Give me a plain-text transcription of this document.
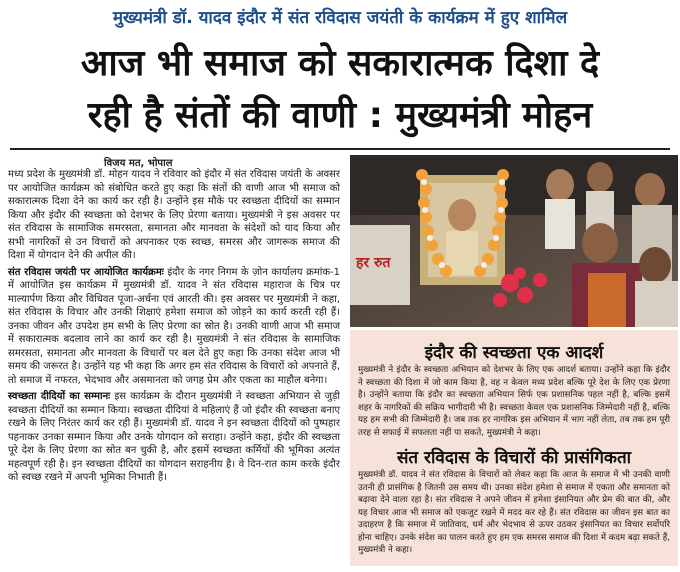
मुख्यमंत्री डॉ. यादव इंदौर में संत रविदास जयंती के कार्यक्रम में हुए शामिल
आज भी समाज को सकारात्मक दिशा दे
रही है संतों की वाणी : मुख्यमंत्री मोहन
विजय मत, भोपाल

मध्य प्रदेश के मुख्यमंत्री डॉ. मोहन यादव ने रविवार को इंदौर में संत रविदास जयंती के अवसर पर आयोजित कार्यक्रम को संबोधित करते हुए कहा कि संतों की वाणी आज भी समाज को सकारात्मक दिशा देने का कार्य कर रही है। उन्होंने इस मौके पर स्वच्छता दीदियों का सम्मान किया और इंदौर की स्वच्छता को देशभर के लिए प्रेरणा बताया। मुख्यमंत्री ने इस अवसर पर संत रविदास के सामाजिक समरसता, समानता और मानवता के संदेशों को याद किया और सभी नागरिकों से उन विचारों को अपनाकर एक स्वच्छ, समरस और जागरूक समाज की दिशा में योगदान देने की अपील की।

संत रविदास जयंती पर आयोजित कार्यक्रमः इंदौर के नगर निगम के ज़ोन कार्यालय क्रमांक-1 में आयोजित इस कार्यक्रम में मुख्यमंत्री डॉ. यादव ने संत रविदास महाराज के चित्र पर माल्यार्पण किया और विधिवत पूजा-अर्चना एवं आरती की। इस अवसर पर मुख्यमंत्री ने कहा, संत रविदास के विचार और उनकी शिक्षाएं हमेशा समाज को जोड़ने का कार्य करती रही हैं। उनका जीवन और उपदेश हम सभी के लिए प्रेरणा का स्रोत है। उनकी वाणी आज भी समाज में सकारात्मक बदलाव लाने का कार्य कर रही है। मुख्यमंत्री ने संत रविदास के सामाजिक समरसता, समानता और मानवता के विचारों पर बल देते हुए कहा कि उनका संदेश आज भी समय की जरूरत है। उन्होंने यह भी कहा कि अगर हम संत रविदास के विचारों को अपनाते हैं, तो समाज में नफरत, भेदभाव और असमानता को जगह प्रेम और एकता का माहौल बनेगा।

स्वच्छता दीदियों का सम्मानः इस कार्यक्रम के दौरान मुख्यमंत्री ने स्वच्छता अभियान से जुड़ी स्वच्छता दीदियों का सम्मान किया। स्वच्छता दीदियां वे महिलाएं हैं जो इंदौर की स्वच्छता बनाए रखने के लिए निरंतर कार्य कर रही हैं। मुख्यमंत्री डॉ. यादव ने इन स्वच्छता दीदियों को पुष्पहार पहनाकर उनका सम्मान किया और उनके योगदान को सराहा। उन्होंने कहा, इंदौर की स्वच्छता पूरे देश के लिए प्रेरणा का स्रोत बन चुकी है, और इसमें स्वच्छता कर्मियों की भूमिका अत्यंत महत्वपूर्ण रही है। इन स्वच्छता दीदियों का योगदान सराहनीय है। वे दिन-रात काम करके इंदौर को स्वच्छ रखने में अपनी भूमिका निभाती हैं।

हर रुत
इंदौर की स्वच्छता एक आदर्श
मुख्यमंत्री ने इंदौर के स्वच्छता अभियान को देशभर के लिए एक आदर्श बताया। उन्होंने कहा कि इंदौर ने स्वच्छता की दिशा में जो काम किया है, वह न केवल मध्य प्रदेश बल्कि पूरे देश के लिए एक प्रेरणा है। उन्होंने बताया कि इंदौर का स्वच्छता अभियान सिर्फ एक प्रशासनिक पहल नहीं है, बल्कि इसमें शहर के नागरिकों की सक्रिय भागीदारी भी है। स्वच्छता केवल एक प्रशासनिक जिम्मेदारी नहीं है, बल्कि यह हम सभी की जिम्मेदारी है। जब तक हर नागरिक इस अभियान में भाग नहीं लेता, तब तक हम पूरी तरह से सफाई में सफलता नहीं पा सकते, मुख्यमंत्री ने कहा।
संत रविदास के विचारों की प्रासंगिकता
मुख्यमंत्री डॉ. यादव ने संत रविदास के विचारों को लेकर कहा कि आज के समाज में भी उनकी वाणी उतनी ही प्रासंगिक है जितनी उस समय थी। उनका संदेश हमेशा से समाज में एकता और समानता को बढ़ावा देने वाला रहा है। संत रविदास ने अपने जीवन में हमेशा इंसानियत और प्रेम की बात की, और यह विचार आज भी समाज को एकजुट रखने में मदद कर रहे हैं। संत रविदास का जीवन इस बात का उदाहरण है कि समाज में जातिवाद, धर्म और भेदभाव से ऊपर उठकर इंसानियत का विचार सर्वोपरि होना चाहिए। उनके संदेश का पालन करते हुए हम एक समरस समाज की दिशा में कदम बढ़ा सकते हैं, मुख्यमंत्री ने कहा।
